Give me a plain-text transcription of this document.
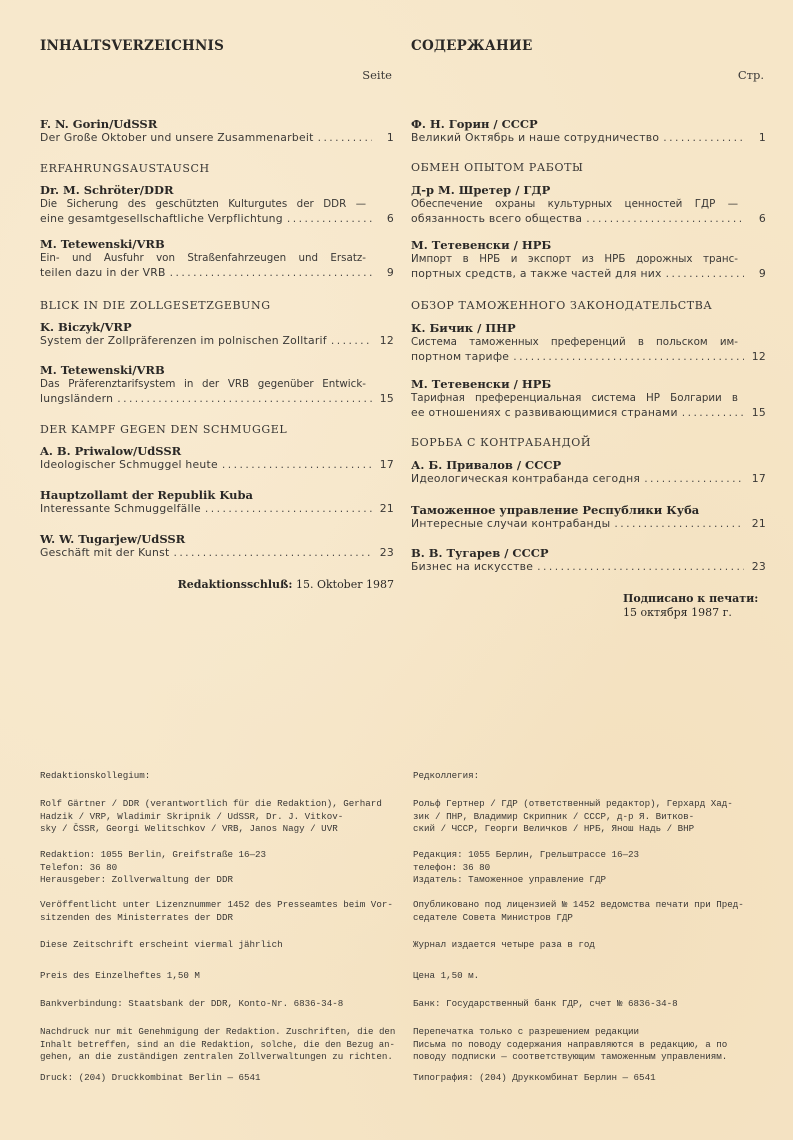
INHALTSVERZEICHNIS
Seite
F. N. Gorin/UdSSR
Der Große Oktober und unsere Zusammenarbeit . . .	1
ERFAHRUNGSAUSTAUSCH
Dr. M. Schröter/DDR
Die Sicherung des geschützten Kulturgutes der DDR —
eine gesamtgesellschaftliche Verpflichtung . . .	6
M. Tetewenski/VRB
Ein- und Ausfuhr von Straßenfahrzeugen und Ersatz-
teilen dazu in der VRB . . .	9
BLICK IN DIE ZOLLGESETZGEBUNG
K. Biczyk/VRP
System der Zollpräferenzen im polnischen Zolltarif . . .	12
M. Tetewenski/VRB
Das Präferenztarifsystem in der VRB gegenüber Entwick-
lungsländern . . .	15
DER KAMPF GEGEN DEN SCHMUGGEL
A. B. Priwalow/UdSSR
Ideologischer Schmuggel heute . . .	17
Hauptzollamt der Republik Kuba
Interessante Schmuggelfälle . . .	21
W. W. Tugarjew/UdSSR
Geschäft mit der Kunst . . .	23
Redaktionsschluß: 15. Oktober 1987
СОДЕРЖАНИЕ
Стр.
Ф. Н. Горин / СССР
Великий Октябрь и наше сотрудничество . . .	1
ОБМЕН ОПЫТОМ РАБОТЫ
Д-р М. Шретер / ГДР
Обеспечение охраны культурных ценностей ГДР —
обязанность всего общества . . .	6
М. Тетевенски / НРБ
Импорт в НРБ и экспорт из НРБ дорожных транс-
портных средств, а также частей для них . . .	9
ОБЗОР ТАМОЖЕННОГО ЗАКОНОДАТЕЛЬСТВА
К. Бичик / ПНР
Система таможенных преференций в польском им-
портном тарифе . . .	12
М. Тетевенски / НРБ
Тарифная преференциальная система НР Болгарии в
ее отношениях с развивающимися странами . . .	15
БОРЬБА С КОНТРАБАНДОЙ
А. Б. Привалов / СССР
Идеологическая контрабанда сегодня . . .	17
Таможенное управление Республики Куба
Интересные случаи контрабанды . . .	21
В. В. Тугарев / СССР
Бизнес на искусстве . . .	23
Подписано к печати:
15 октября 1987 г.
Redaktionskollegium:
Rolf Gärtner / DDR (verantwortlich für die Redaktion), Gerhard
Hadzik / VRP, Wladimir Skripnik / UdSSR, Dr. J. Vitkov-
sky / ČSSR, Georgi Welitschkov / VRB, Janos Nagy / UVR
Redaktion: 1055 Berlin, Greifstraße 16—23
Telefon: 36 80
Herausgeber: Zollverwaltung der DDR
Veröffentlicht unter Lizenznummer 1452 des Presseamtes beim Vor-
sitzenden des Ministerrates der DDR
Diese Zeitschrift erscheint viermal jährlich
Preis des Einzelheftes 1,50 M
Bankverbindung: Staatsbank der DDR, Konto-Nr. 6836-34-8
Nachdruck nur mit Genehmigung der Redaktion. Zuschriften, die den
Inhalt betreffen, sind an die Redaktion, solche, die den Bezug an-
gehen, an die zuständigen zentralen Zollverwaltungen zu richten.
Druck: (204) Druckkombinat Berlin — 6541
Редколлегия:
Рольф Гертнер / ГДР (ответственный редактор), Герхард Хад-
зик / ПНР, Владимир Скрипник / СССР, д-р Я. Витков-
ский / ЧССР, Георги Величков / НРБ, Янош Надь / ВНР
Редакция: 1055 Берлин, Грельштрассе 16—23
телефон: 36 80
Издатель: Таможенное управление ГДР
Опубликовано под лицензией № 1452 ведомства печати при Пред-
седателе Совета Министров ГДР
Журнал издается четыре раза в год
Цена 1,50 м.
Банк: Государственный банк ГДР, счет № 6836-34-8
Перепечатка только с разрешением редакции
Письма по поводу содержания направляются в редакцию, а по
поводу подписки — соответствующим таможенным управлениям.
Типография: (204) Друккомбинат Берлин — 6541
